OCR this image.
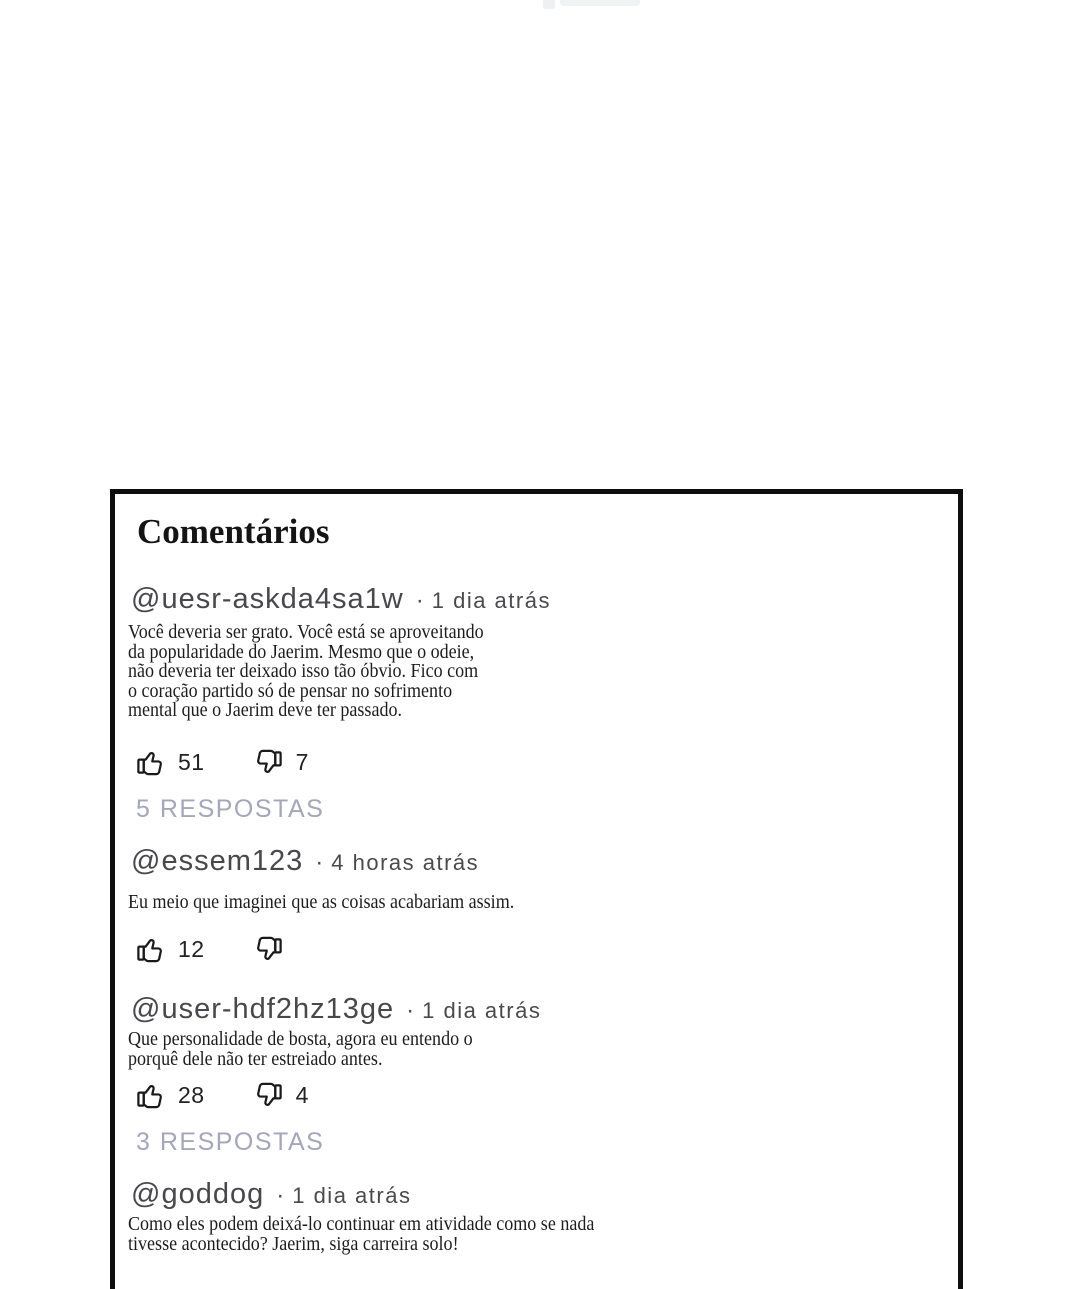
Comentários
@uesr-askda4sa1w · 1 dia atrás
Você deveria ser grato. Você está se aproveitando
da popularidade do Jaerim. Mesmo que o odeie,
não deveria ter deixado isso tão óbvio. Fico com
o coração partido só de pensar no sofrimento
mental que o Jaerim deve ter passado.
51	7
5 RESPOSTAS
@essem123 · 4 horas atrás
Eu meio que imaginei que as coisas acabariam assim.
12
@user-hdf2hz13ge · 1 dia atrás
Que personalidade de bosta, agora eu entendo o
porquê dele não ter estreiado antes.
28	4
3 RESPOSTAS
@goddog · 1 dia atrás
Como eles podem deixá-lo continuar em atividade como se nada
tivesse acontecido? Jaerim, siga carreira solo!
